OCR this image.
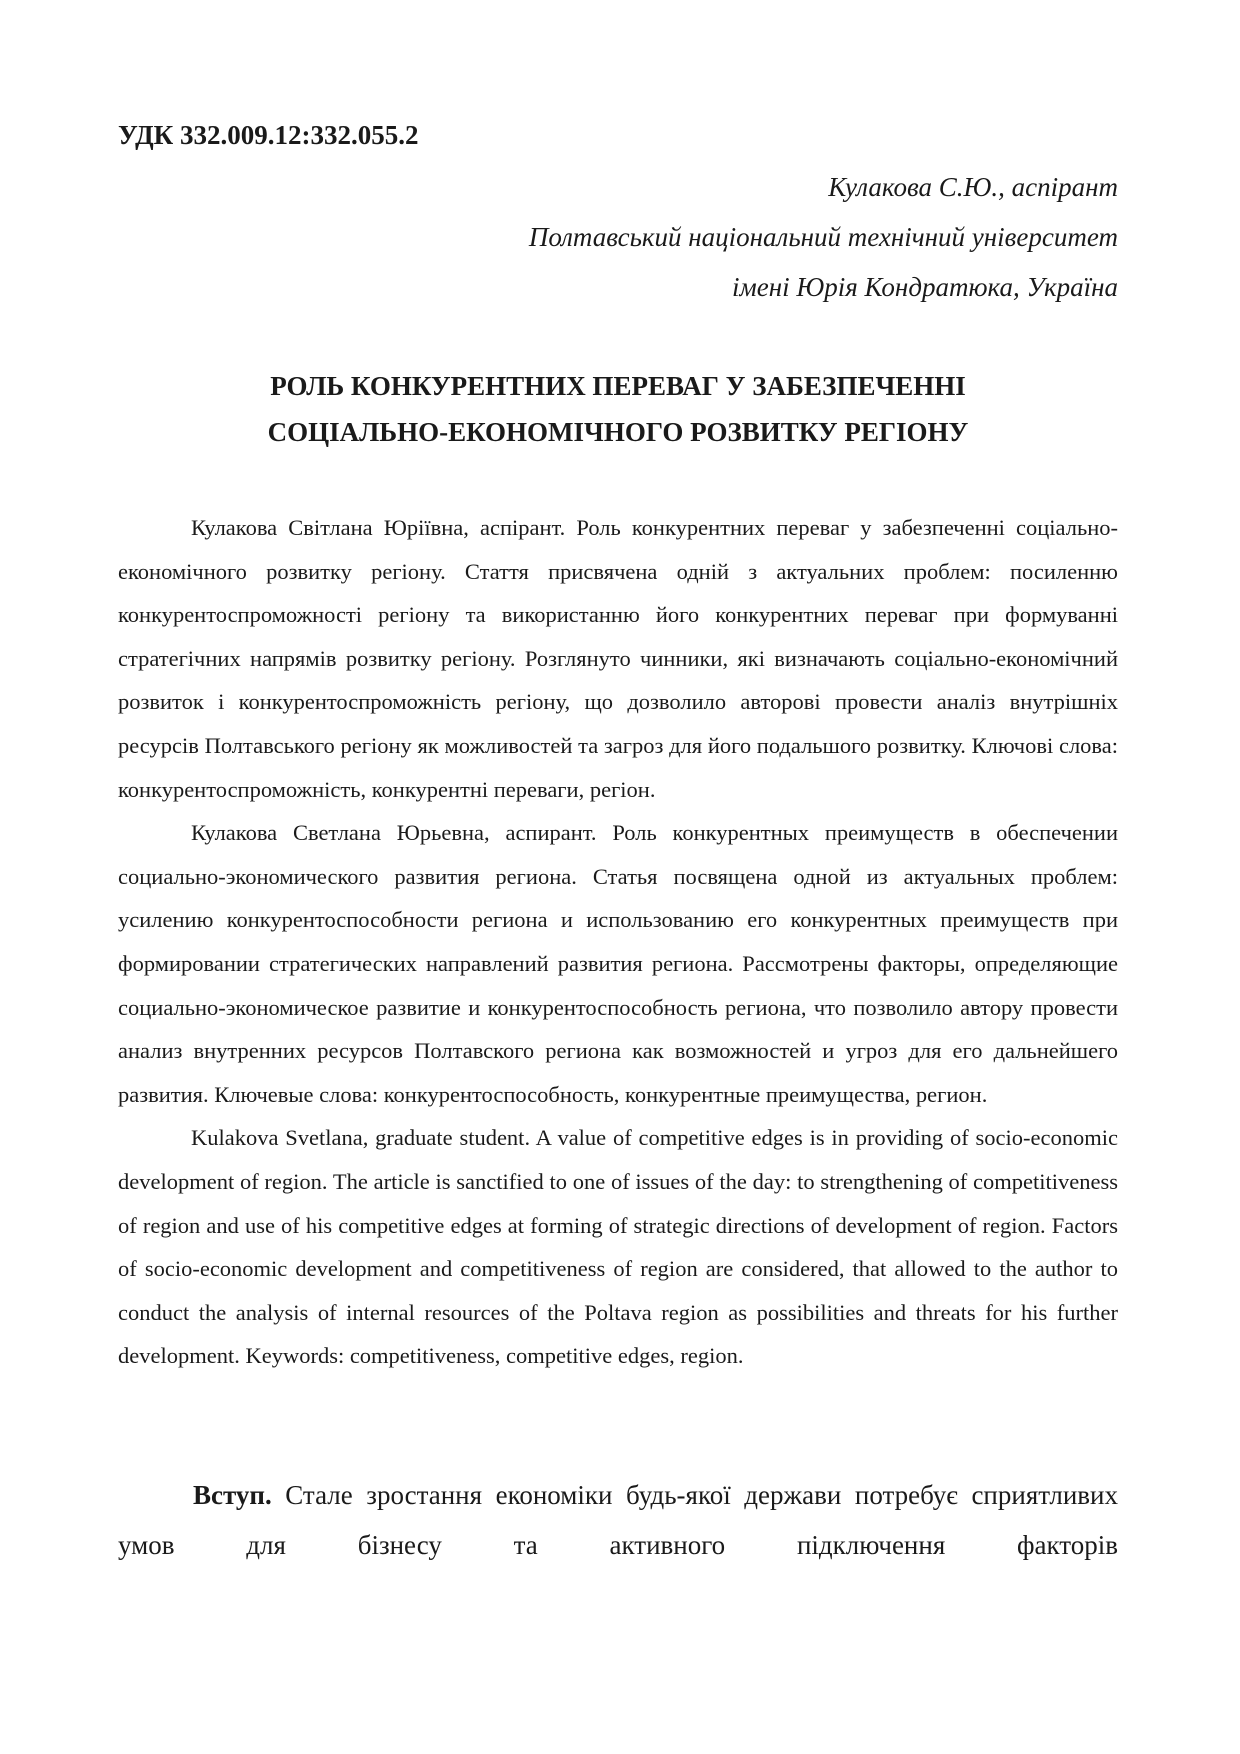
УДК 332.009.12:332.055.2
Кулакова С.Ю., аспірант
Полтавський національний технічний університет
імені Юрія Кондратюка, Україна
РОЛЬ КОНКУРЕНТНИХ ПЕРЕВАГ У ЗАБЕЗПЕЧЕННІ
СОЦІАЛЬНО-ЕКОНОМІЧНОГО РОЗВИТКУ РЕГІОНУ

Кулакова Світлана Юріївна, аспірант. Роль конкурентних переваг у забезпеченні соціально-економічного розвитку регіону. Стаття присвячена одній з актуальних проблем: посиленню конкурентоспроможності регіону та використанню його конкурентних переваг при формуванні стратегічних напрямів розвитку регіону. Розглянуто чинники, які визначають соціально-економічний розвиток і конкурентоспроможність регіону, що дозволило авторові провести аналіз внутрішніх ресурсів Полтавського регіону як можливостей та загроз для його подальшого розвитку. Ключові слова: конкурентоспроможність, конкурентні переваги, регіон.

Кулакова Светлана Юрьевна, аспирант. Роль конкурентных преимуществ в обеспечении социально-экономического развития региона. Статья посвящена одной из актуальных проблем: усилению конкурентоспособности региона и использованию его конкурентных преимуществ при формировании стратегических направлений развития региона. Рассмотрены факторы, определяющие социально-экономическое развитие и конкурентоспособность региона, что позволило автору провести анализ внутренних ресурсов Полтавского региона как возможностей и угроз для его дальнейшего развития. Ключевые слова: конкурентоспособность, конкурентные преимущества, регион.

Kulakova Svetlana, graduate student. A value of competitive edges is in providing of socio-economic development of region. The article is sanctified to one of issues of the day: to strengthening of competitiveness of region and use of his competitive edges at forming of strategic directions of development of region. Factors of socio-economic development and competitiveness of region are considered, that allowed to the author to conduct the analysis of internal resources of the Poltava region as possibilities and threats for his further development. Keywords: competitiveness, competitive edges, region.

Вступ. Стале зростання економіки будь-якої держави потребує сприятливих умов для бізнесу та активного підключення факторів
